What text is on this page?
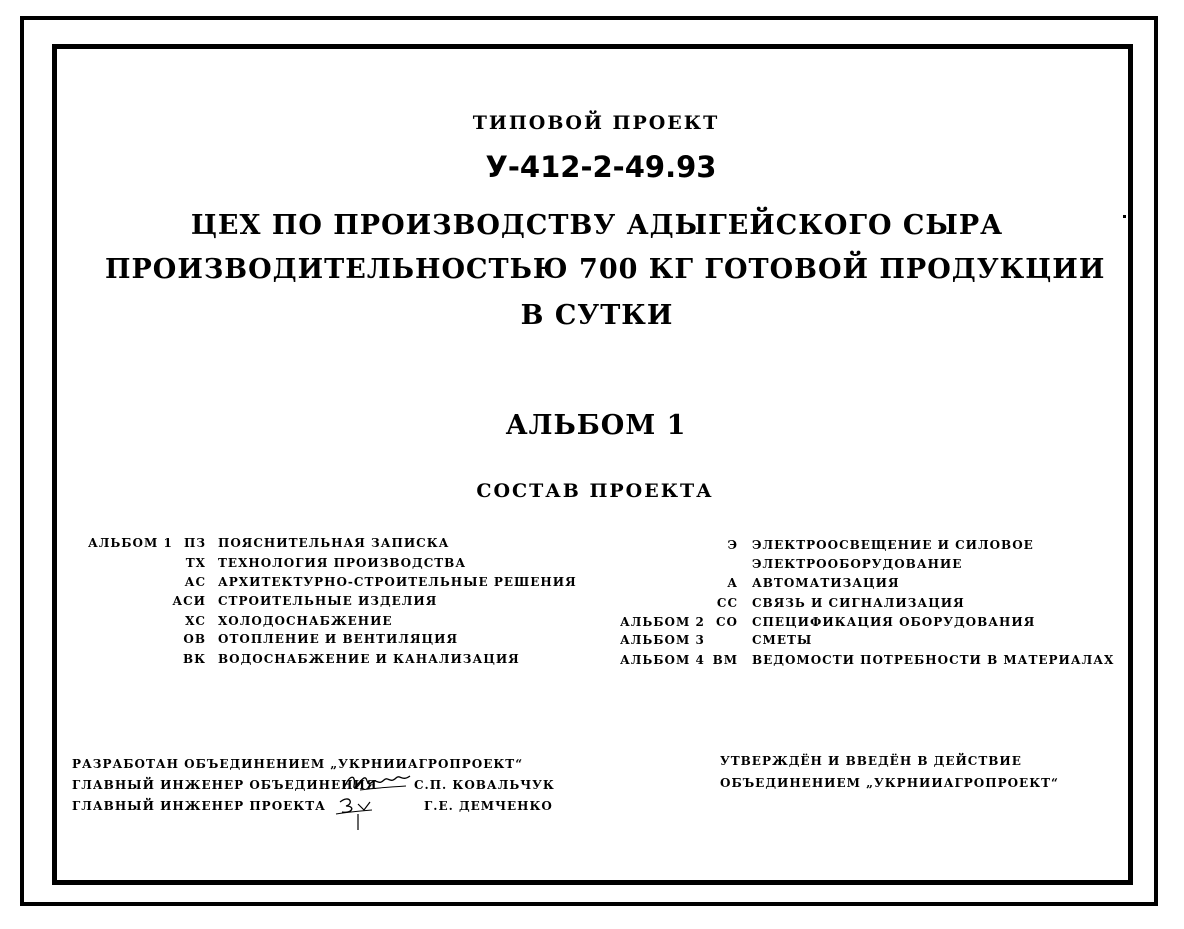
ТИПОВОЙ ПРОЕКТ
У-412-2-49.93
ЦЕХ ПО ПРОИЗВОДСТВУ АДЫГЕЙСКОГО СЫРА
ПРОИЗВОДИТЕЛЬНОСТЬЮ 700 КГ ГОТОВОЙ ПРОДУКЦИИ
В СУТКИ
АЛЬБОМ 1
СОСТАВ ПРОЕКТА
АЛЬБОМ 1 ПЗ ПОЯСНИТЕЛЬНАЯ ЗАПИСКА
ТХ ТЕХНОЛОГИЯ ПРОИЗВОДСТВА
АС АРХИТЕКТУРНО-СТРОИТЕЛЬНЫЕ РЕШЕНИЯ
АСИ СТРОИТЕЛЬНЫЕ ИЗДЕЛИЯ
ХС ХОЛОДОСНАБЖЕНИЕ
ОВ ОТОПЛЕНИЕ И ВЕНТИЛЯЦИЯ
ВК ВОДОСНАБЖЕНИЕ И КАНАЛИЗАЦИЯ
Э ЭЛЕКТРООСВЕЩЕНИЕ И СИЛОВОЕ
ЭЛЕКТРООБОРУДОВАНИЕ
А АВТОМАТИЗАЦИЯ
СС СВЯЗЬ И СИГНАЛИЗАЦИЯ
АЛЬБОМ 2 СО СПЕЦИФИКАЦИЯ ОБОРУДОВАНИЯ
АЛЬБОМ 3	СМЕТЫ
АЛЬБОМ 4 ВМ ВЕДОМОСТИ ПОТРЕБНОСТИ В МАТЕРИАЛАХ
РАЗРАБОТАН ОБЪЕДИНЕНИЕМ „УКРНИИАГРОПРОЕКТ“
ГЛАВНЫЙ ИНЖЕНЕР ОБЪЕДИНЕНИЯ	С.П. КОВАЛЬЧУК
ГЛАВНЫЙ ИНЖЕНЕР ПРОЕКТА	Г.Е. ДЕМЧЕНКО
УТВЕРЖДЁН И ВВЕДЁН В ДЕЙСТВИЕ
ОБЪЕДИНЕНИЕМ „УКРНИИАГРОПРОЕКТ“
